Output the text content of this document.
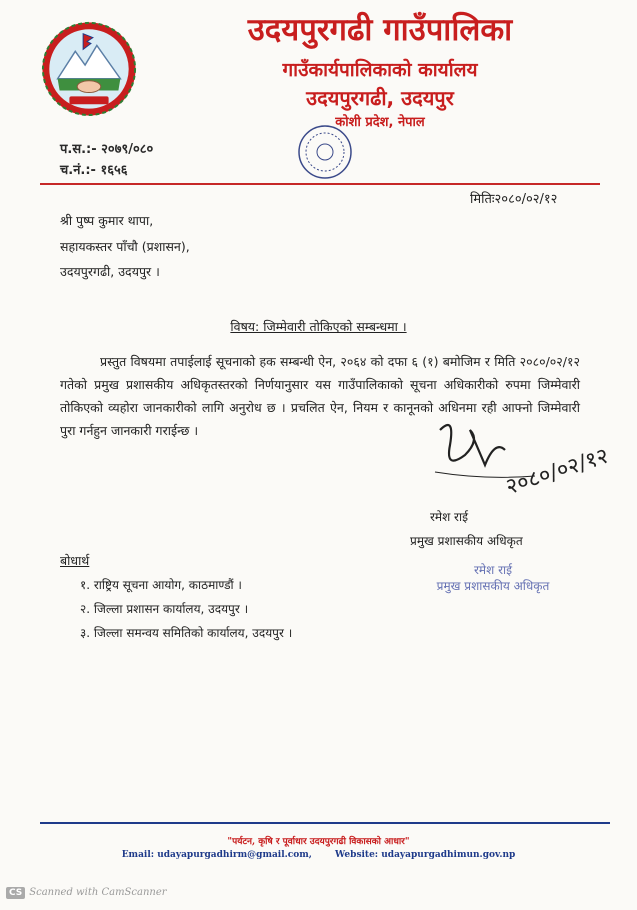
उदयपुरगढी गाउँपालिका
गाउँकार्यपालिकाको कार्यालय
उदयपुरगढी, उदयपुर
कोशी प्रदेश, नेपाल
प.स.:- २०७९/०८०
च.नं.:- १६५६
मितिः२०८०/०२/१२
श्री पुष्प कुमार थापा,
सहायकस्तर पाँचौ (प्रशासन),
उदयपुरगढी, उदयपुर ।
विषय: जिम्मेवारी तोकिएको सम्बन्धमा ।
प्रस्तुत विषयमा तपाईलाई सूचनाको हक सम्बन्धी ऐन, २०६४ को दफा ६ (१) बमोजिम र मिति २०८०/०२/१२ गतेको प्रमुख प्रशासकीय अधिकृतस्तरको निर्णयानुसार यस गाउँपालिकाको सूचना अधिकारीको रुपमा जिम्मेवारी तोकिएको व्यहोरा जानकारीको लागि अनुरोध छ । प्रचलित ऐन, नियम र कानूनको अधिनमा रही आफ्नो जिम्मेवारी पुरा गर्नहुन जानकारी गराईन्छ ।
२०८०/०२/१२
रमेश राई
प्रमुख प्रशासकीय अधिकृत
रमेश राई
प्रमुख प्रशासकीय अधिकृत
बोधार्थ
१. राष्ट्रिय सूचना आयोग, काठमाण्डौं ।
२. जिल्ला प्रशासन कार्यालय, उदयपुर ।
३. जिल्ला समन्वय समितिको कार्यालय, उदयपुर ।
"पर्यटन, कृषि र पूर्वाधार उदयपुरगढी विकासको आधार"
Email: udayapurgadhirm@gmail.com,	Website: udayapurgadhimun.gov.np
CS Scanned with CamScanner
